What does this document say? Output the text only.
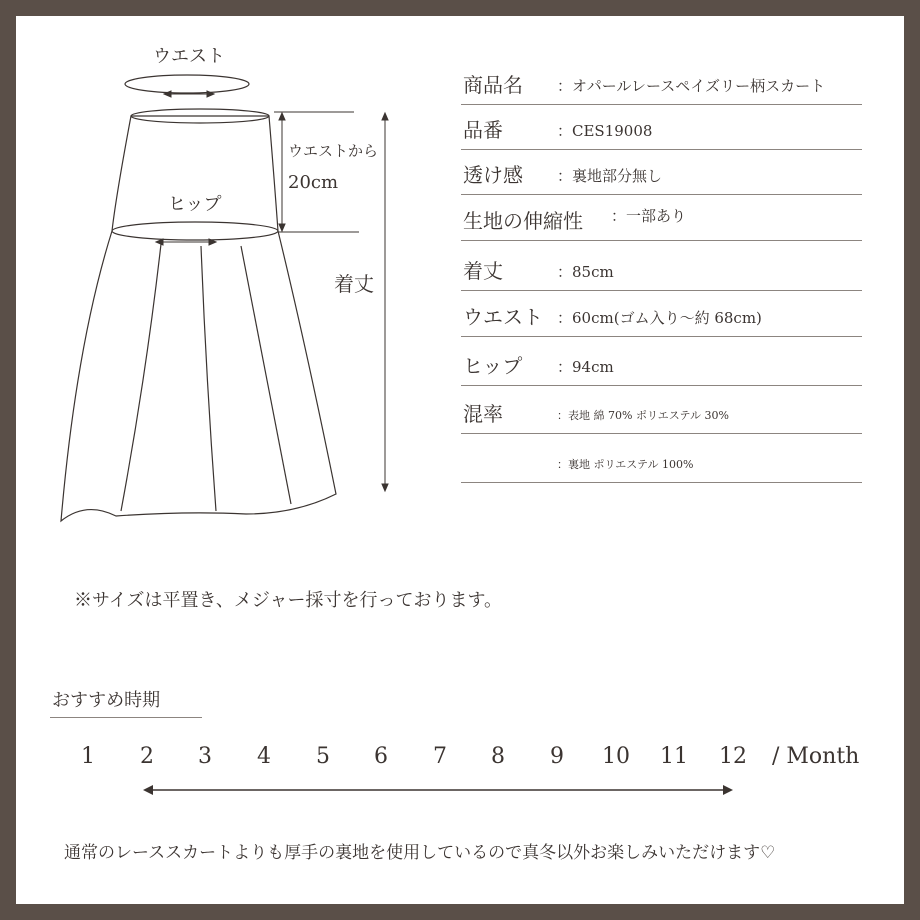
ウエスト
ウエストから
20cm
ヒップ
着丈
商品名 ：オパールレースペイズリー柄スカート
品番	：CES19008
透け感 ：裏地部分無し
生地の伸縮性 ：一部あり
着丈	：85cm
ウエスト ：60cm(ゴム入り〜約 68cm)
ヒップ ：94cm
混率	：表地 綿 70% ポリエステル 30%
：裏地 ポリエステル 100%
※サイズは平置き、メジャー採寸を行っております。
おすすめ時期
1	2	3	4	5	6	7	8	9	10 11 12 / Month
通常のレーススカートよりも厚手の裏地を使用しているので真冬以外お楽しみいただけます♡
